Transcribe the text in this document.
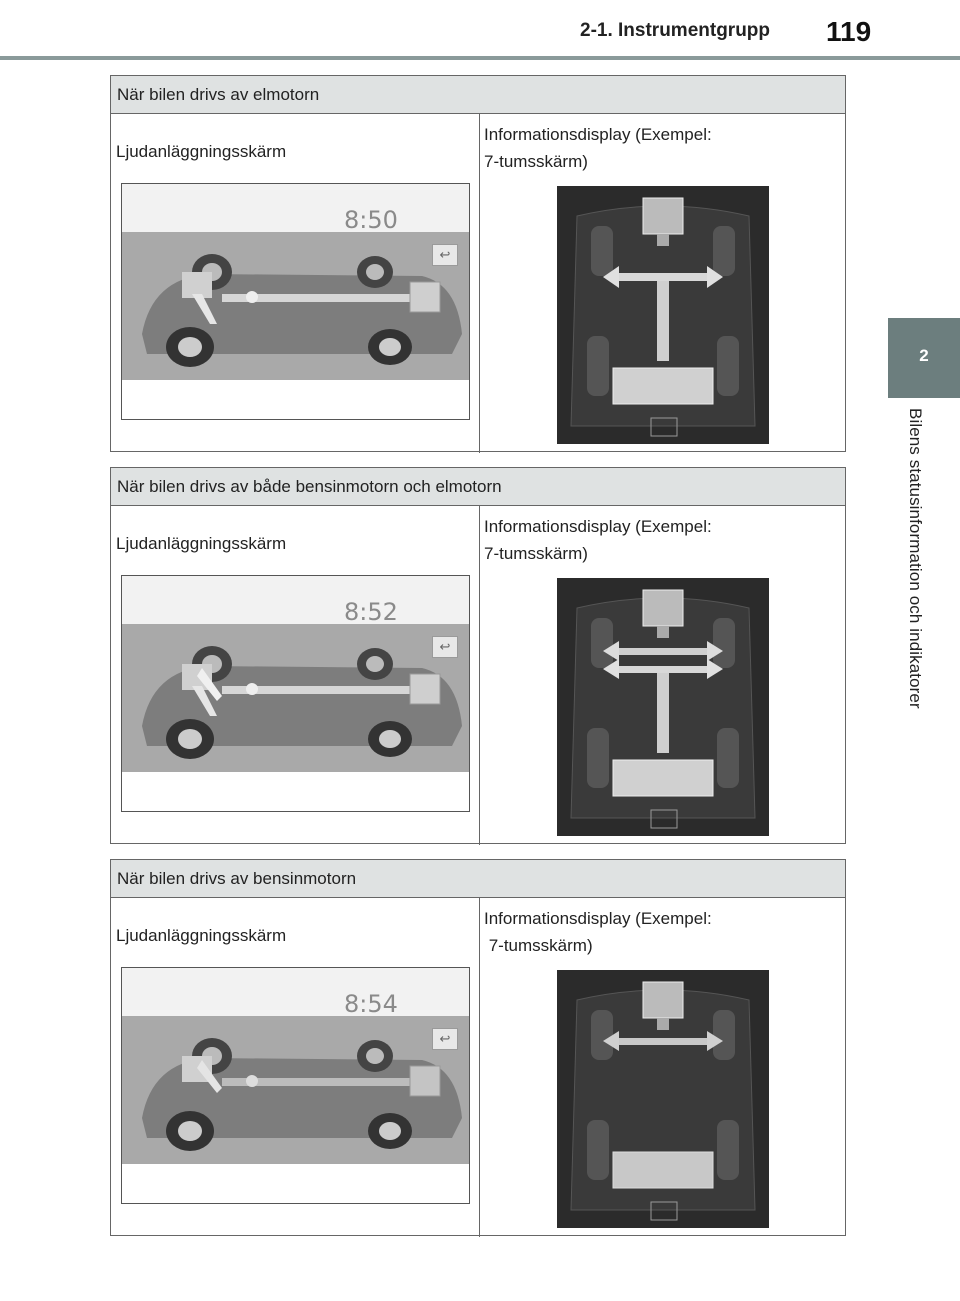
2-1. Instrumentgrupp 119
2
Bilens statusinformation och indikatorer
När bilen drivs av elmotorn
Ljudanläggningsskärm
Informationsdisplay (Exempel:
7-tumsskärm)
8:50
↩
När bilen drivs av både bensinmotorn och elmotorn
Ljudanläggningsskärm
Informationsdisplay (Exempel:
7-tumsskärm)
8:52
↩
När bilen drivs av bensinmotorn
Ljudanläggningsskärm
Informationsdisplay (Exempel:
7-tumsskärm)
8:54
↩
